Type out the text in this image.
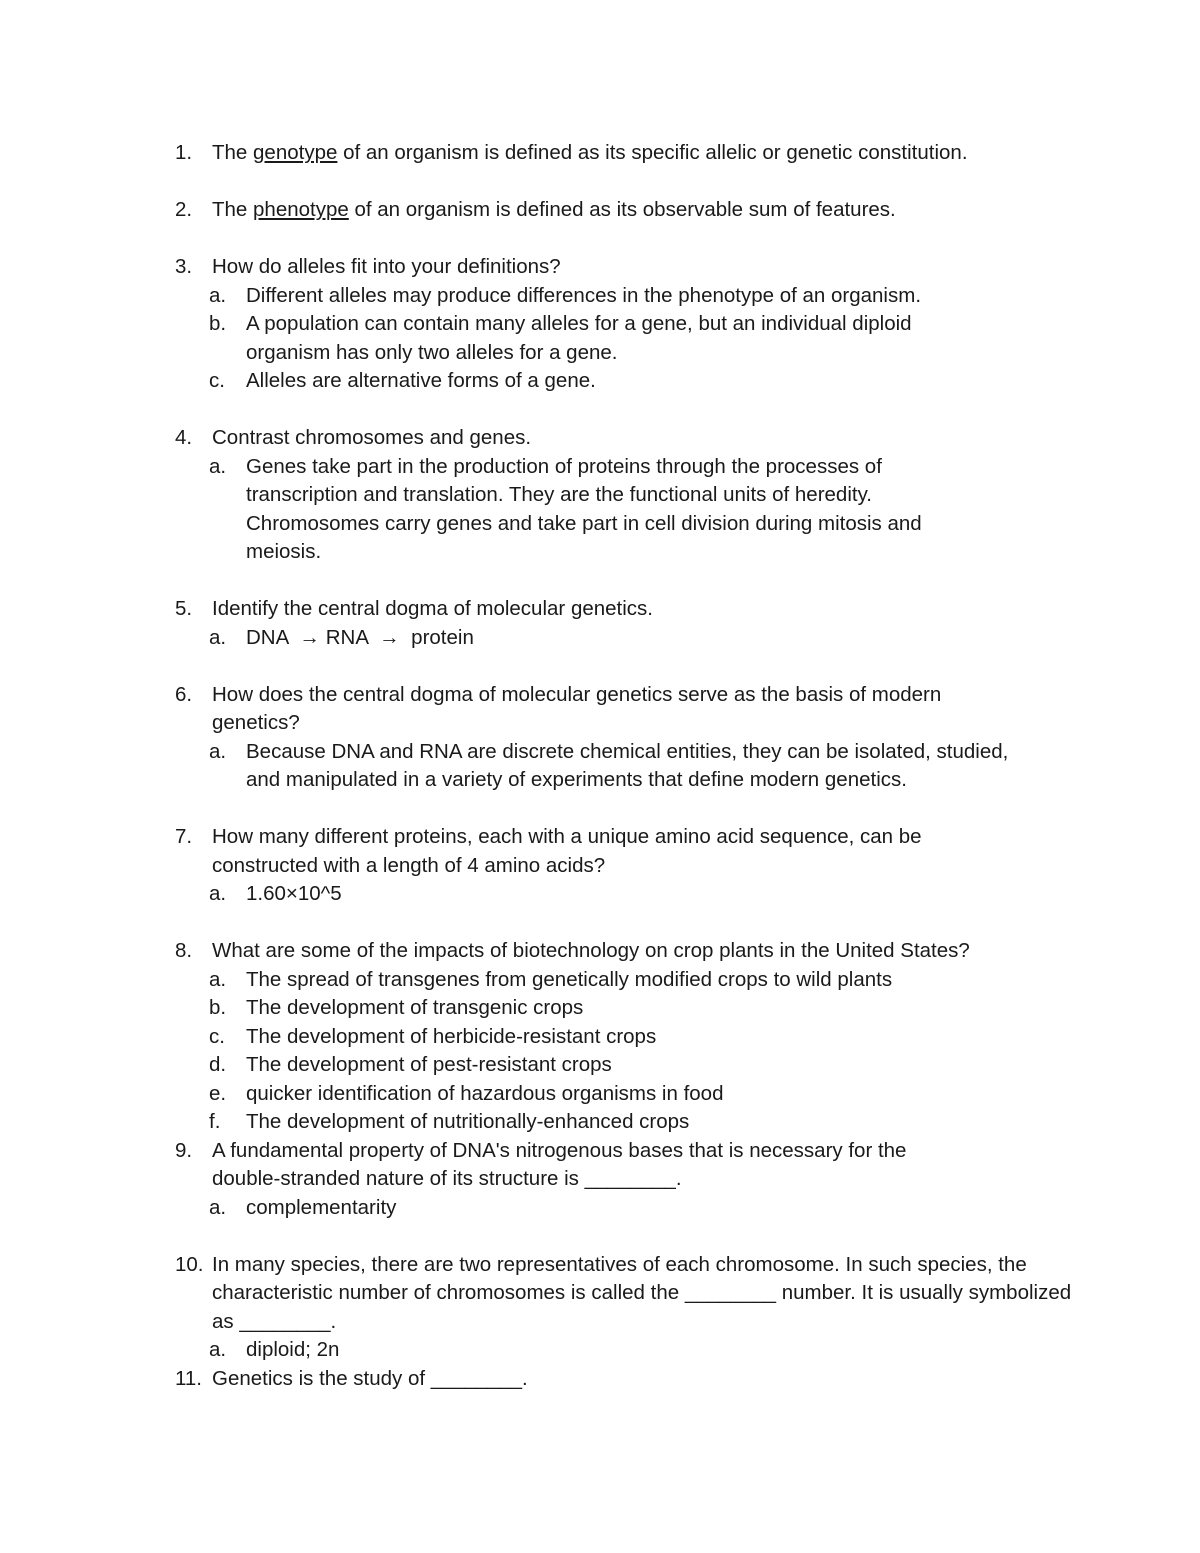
1. The genotype of an organism is defined as its specific allelic or genetic constitution.
2. The phenotype of an organism is defined as its observable sum of features.
3. How do alleles fit into your definitions?
a. Different alleles may produce differences in the phenotype of an organism.
b. A population can contain many alleles for a gene, but an individual diploid organism has only two alleles for a gene.
c. Alleles are alternative forms of a gene.
4. Contrast chromosomes and genes.
a. Genes take part in the production of proteins through the processes of transcription and translation. They are the functional units of heredity. Chromosomes carry genes and take part in cell division during mitosis and meiosis.
5. Identify the central dogma of molecular genetics.
a. DNA  → RNA  →  protein
6. How does the central dogma of molecular genetics serve as the basis of modern genetics?
a. Because DNA and RNA are discrete chemical entities, they can be isolated, studied, and manipulated in a variety of experiments that define modern genetics.
7. How many different proteins, each with a unique amino acid sequence, can be constructed with a length of 4 amino acids?
a. 1.60×10^5
8. What are some of the impacts of biotechnology on crop plants in the United States?
a. The spread of transgenes from genetically modified crops to wild plants
b. The development of transgenic crops
c. The development of herbicide-resistant crops
d. The development of pest-resistant crops
e. quicker identification of hazardous organisms in food
f. The development of nutritionally-enhanced crops
9. A fundamental property of DNA's nitrogenous bases that is necessary for the double-stranded nature of its structure is ________.
a. complementarity
10. In many species, there are two representatives of each chromosome. In such species, the characteristic number of chromosomes is called the ________ number. It is usually symbolized as ________.
a. diploid; 2n
11. Genetics is the study of ________.
